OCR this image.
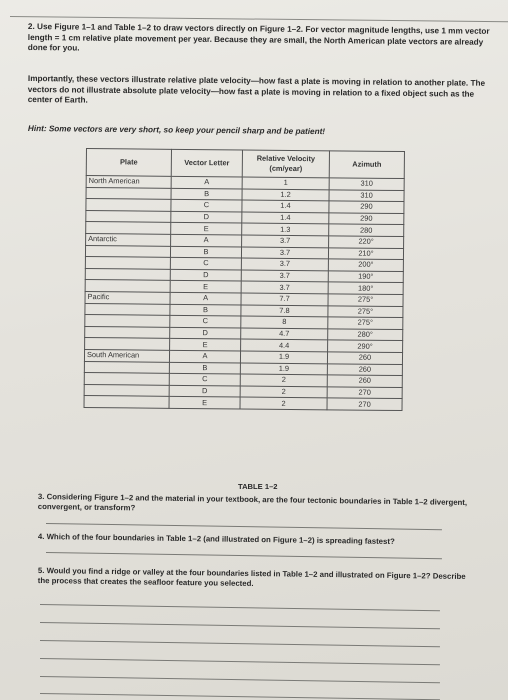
2. Use Figure 1–1 and Table 1–2 to draw vectors directly on Figure 1–2. For vector magnitude lengths, use 1 mm vector length = 1 cm relative plate movement per year. Because they are small, the North American plate vectors are already done for you.

Importantly, these vectors illustrate relative plate velocity—how fast a plate is moving in relation to another plate. The vectors do not illustrate absolute plate velocity—how fast a plate is moving in relation to a fixed object such as the center of Earth.

Hint: Some vectors are very short, so keep your pencil sharp and be patient!

Plate	Vector Letter	Relative Velocity (cm/year)	Azimuth
North American	A	1	310
	B	1.2	310
	C	1.4	290
	D	1.4	290
	E	1.3	280
Antarctic	A	3.7	220°
	B	3.7	210°
	C	3.7	200°
	D	3.7	190°
	E	3.7	180°
Pacific	A	7.7	275°
	B	7.8	275°
	C	8	275°
	D	4.7	280°
	E	4.4	290°
South American	A	1.9	260
	B	1.9	260
	C	2	260
	D	2	270
	E	2	270
TABLE 1–2

3. Considering Figure 1–2 and the material in your textbook, are the four tectonic boundaries in Table 1–2 divergent, convergent, or transform?

4. Which of the four boundaries in Table 1–2 (and illustrated on Figure 1–2) is spreading fastest?

5. Would you find a ridge or valley at the four boundaries listed in Table 1–2 and illustrated on Figure 1–2? Describe the process that creates the seafloor feature you selected.
